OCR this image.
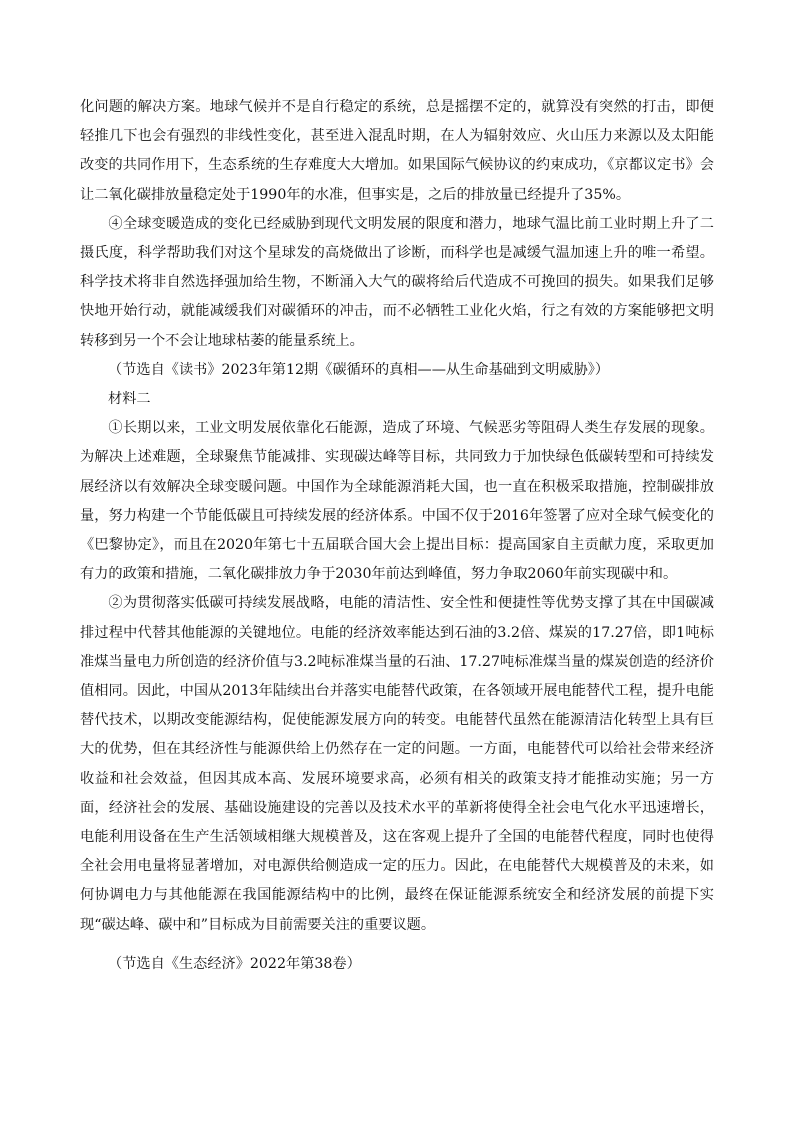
化问题的解决方案。地球气候并不是自行稳定的系统，总是摇摆不定的，就算没有突然的打击，即便轻推几下也会有强烈的非线性变化，甚至进入混乱时期，在人为辐射效应、火山压力来源以及太阳能改变的共同作用下，生态系统的生存难度大大增加。如果国际气候协议的约束成功，《京都议定书》会让二氧化碳排放量稳定处于1990年的水准，但事实是，之后的排放量已经提升了35%。

④全球变暖造成的变化已经威胁到现代文明发展的限度和潜力，地球气温比前工业时期上升了二摄氏度，科学帮助我们对这个星球发的高烧做出了诊断，而科学也是减缓气温加速上升的唯一希望。科学技术将非自然选择强加给生物，不断涌入大气的碳将给后代造成不可挽回的损失。如果我们足够快地开始行动，就能减缓我们对碳循环的冲击，而不必牺牲工业化火焰，行之有效的方案能够把文明转移到另一个不会让地球枯萎的能量系统上。

（节选自《读书》2023年第12期《碳循环的真相——从生命基础到文明威胁》）

材料二

①长期以来，工业文明发展依靠化石能源，造成了环境、气候恶劣等阻碍人类生存发展的现象。为解决上述难题，全球聚焦节能减排、实现碳达峰等目标，共同致力于加快绿色低碳转型和可持续发展经济以有效解决全球变暖问题。中国作为全球能源消耗大国，也一直在积极采取措施，控制碳排放量，努力构建一个节能低碳且可持续发展的经济体系。中国不仅于2016年签署了应对全球气候变化的《巴黎协定》，而且在2020年第七十五届联合国大会上提出目标：提高国家自主贡献力度，采取更加有力的政策和措施，二氧化碳排放力争于2030年前达到峰值，努力争取2060年前实现碳中和。

②为贯彻落实低碳可持续发展战略，电能的清洁性、安全性和便捷性等优势支撑了其在中国碳减排过程中代替其他能源的关键地位。电能的经济效率能达到石油的3.2倍、煤炭的17.27倍，即1吨标准煤当量电力所创造的经济价值与3.2吨标准煤当量的石油、17.27吨标准煤当量的煤炭创造的经济价值相同。因此，中国从2013年陆续出台并落实电能替代政策，在各领域开展电能替代工程，提升电能替代技术，以期改变能源结构，促使能源发展方向的转变。电能替代虽然在能源清洁化转型上具有巨大的优势，但在其经济性与能源供给上仍然存在一定的问题。一方面，电能替代可以给社会带来经济收益和社会效益，但因其成本高、发展环境要求高，必须有相关的政策支持才能推动实施；另一方面，经济社会的发展、基础设施建设的完善以及技术水平的革新将使得全社会电气化水平迅速增长，电能利用设备在生产生活领域相继大规模普及，这在客观上提升了全国的电能替代程度，同时也使得全社会用电量将显著增加，对电源供给侧造成一定的压力。因此，在电能替代大规模普及的未来，如何协调电力与其他能源在我国能源结构中的比例，最终在保证能源系统安全和经济发展的前提下实现“碳达峰、碳中和”目标成为目前需要关注的重要议题。

（节选自《生态经济》2022年第38卷）
